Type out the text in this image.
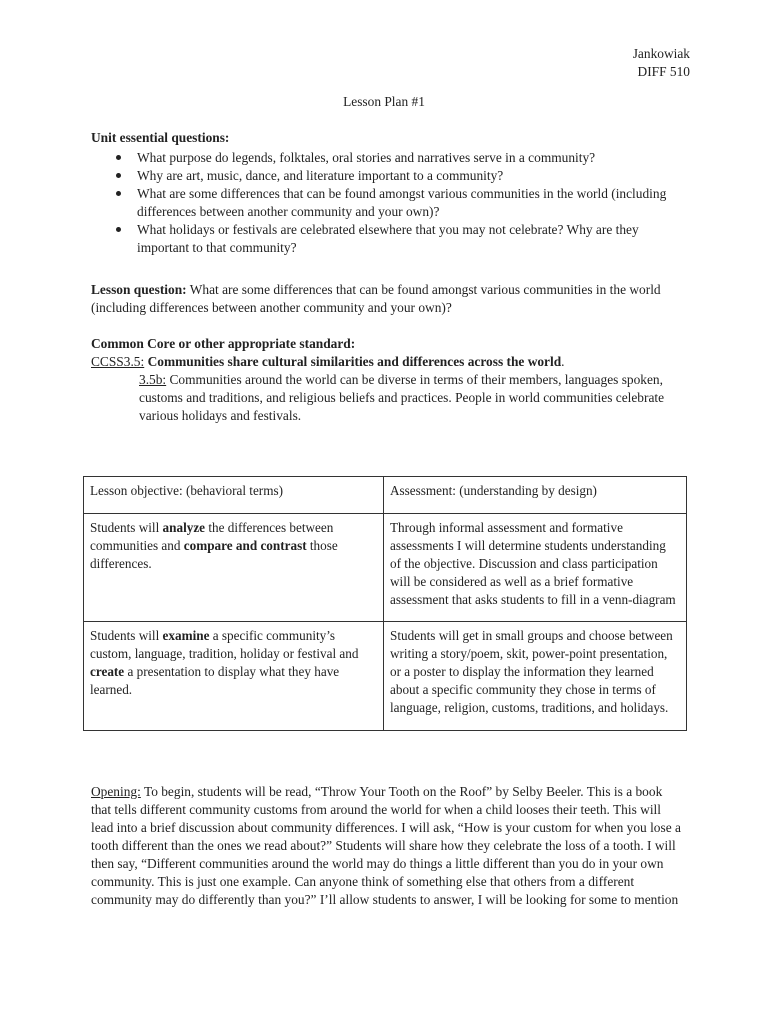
Jankowiak
DIFF 510
Lesson Plan #1
Unit essential questions:
What purpose do legends, folktales, oral stories and narratives serve in a community?
Why are art, music, dance, and literature important to a community?
What are some differences that can be found amongst various communities in the world (including differences between another community and your own)?
What holidays or festivals are celebrated elsewhere that you may not celebrate? Why are they important to that community?
Lesson question: What are some differences that can be found amongst various communities in the world (including differences between another community and your own)?
Common Core or other appropriate standard:
CCSS3.5: Communities share cultural similarities and differences across the world.
3.5b: Communities around the world can be diverse in terms of their members, languages spoken, customs and traditions, and religious beliefs and practices. People in world communities celebrate various holidays and festivals.
Lesson objective: (behavioral terms)	Assessment: (understanding by design)
Students will analyze the differences between communities and compare and contrast those differences.	Through informal assessment and formative assessments I will determine students understanding of the objective. Discussion and class participation will be considered as well as a brief formative assessment that asks students to fill in a venn-diagram
Students will examine a specific community’s custom, language, tradition, holiday or festival and create a presentation to display what they have learned.	Students will get in small groups and choose between writing a story/poem, skit, power-point presentation, or a poster to display the information they learned about a specific community they chose in terms of language, religion, customs, traditions, and holidays.
Opening: To begin, students will be read, “Throw Your Tooth on the Roof” by Selby Beeler. This is a book that tells different community customs from around the world for when a child looses their teeth. This will lead into a brief discussion about community differences. I will ask, “How is your custom for when you lose a tooth different than the ones we read about?” Students will share how they celebrate the loss of a tooth. I will then say, “Different communities around the world may do things a little different than you do in your own community. This is just one example. Can anyone think of something else that others from a different community may do differently than you?” I’ll allow students to answer, I will be looking for some to mention
